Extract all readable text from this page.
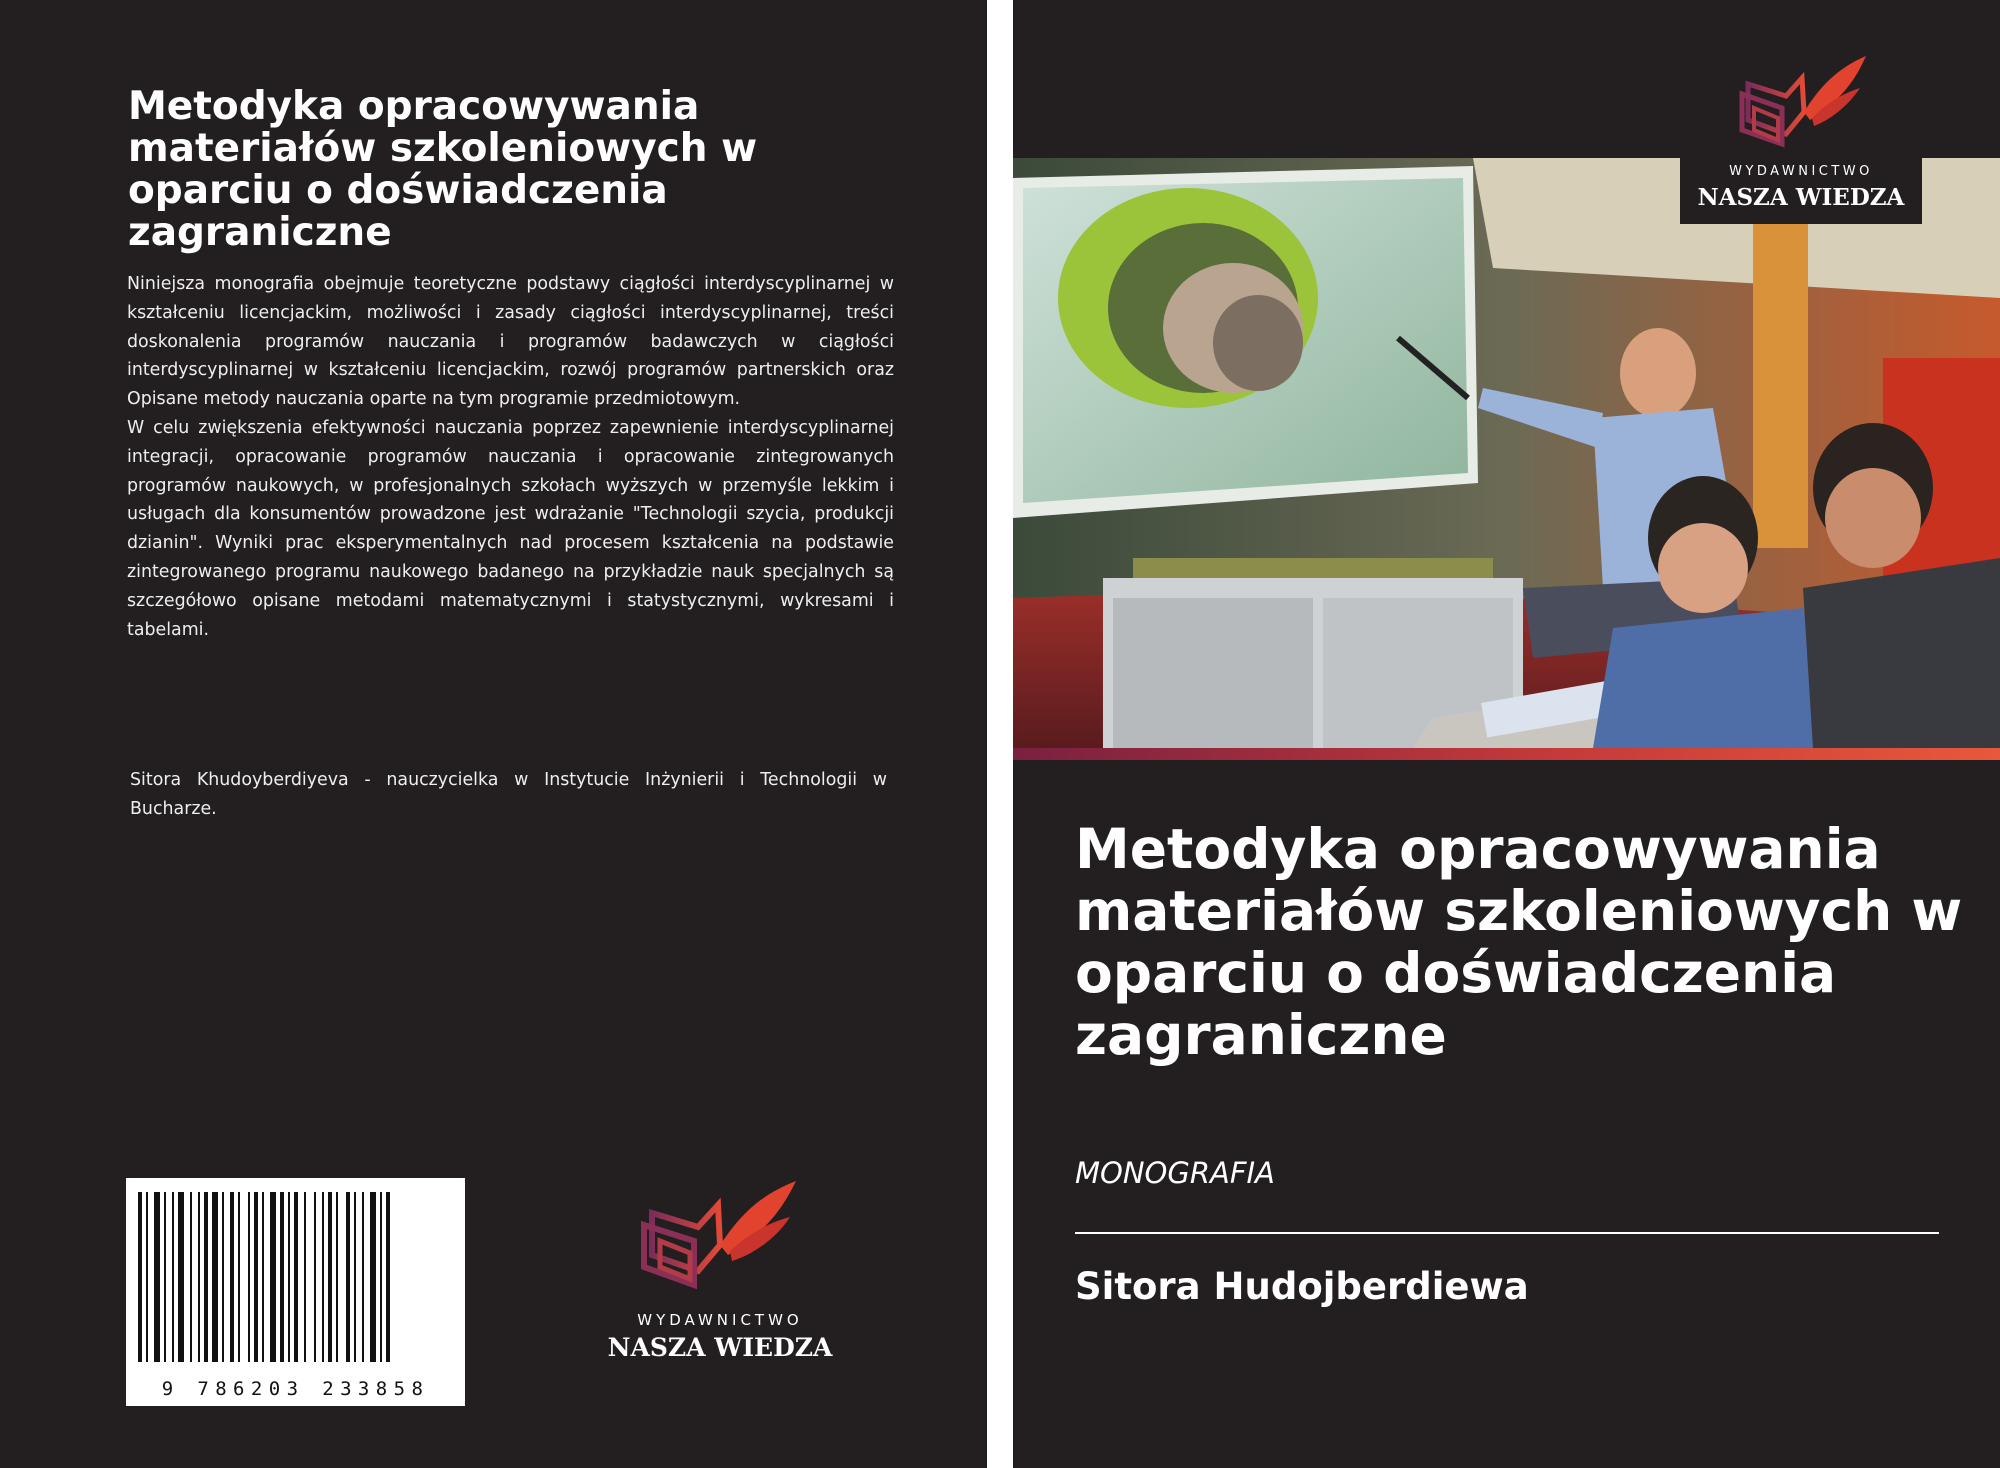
Metodyka opracowywania materiałów szkoleniowych w oparciu o doświadczenia zagraniczne

Niniejsza monografia obejmuje teoretyczne podstawy ciągłości interdyscyplinarnej w kształceniu licencjackim, możliwości i zasady ciągłości interdyscyplinarnej, treści doskonalenia programów nauczania i programów badawczych w ciągłości interdyscyplinarnej w kształceniu licencjackim, rozwój programów partnerskich oraz Opisane metody nauczania oparte na tym programie przedmiotowym.

W celu zwiększenia efektywności nauczania poprzez zapewnienie interdyscyplinarnej integracji, opracowanie programów nauczania i opracowanie zintegrowanych programów naukowych, w profesjonalnych szkołach wyższych w przemyśle lekkim i usługach dla konsumentów prowadzone jest wdrażanie "Technologii szycia, produkcji dzianin". Wyniki prac eksperymentalnych nad procesem kształcenia na podstawie zintegrowanego programu naukowego badanego na przykładzie nauk specjalnych są szczegółowo opisane metodami matematycznymi i statystycznymi, wykresami i tabelami.

Sitora Khudoyberdiyeva - nauczycielka w Instytucie Inżynierii i Technologii w Bucharze.

9 786203 233858
WYDAWNICTWO
NASZA WIEDZA
WYDAWNICTWO
NASZA WIEDZA
Metodyka opracowywania materiałów szkoleniowych w oparciu o doświadczenia zagraniczne
MONOGRAFIA
Sitora Hudojberdiewa
